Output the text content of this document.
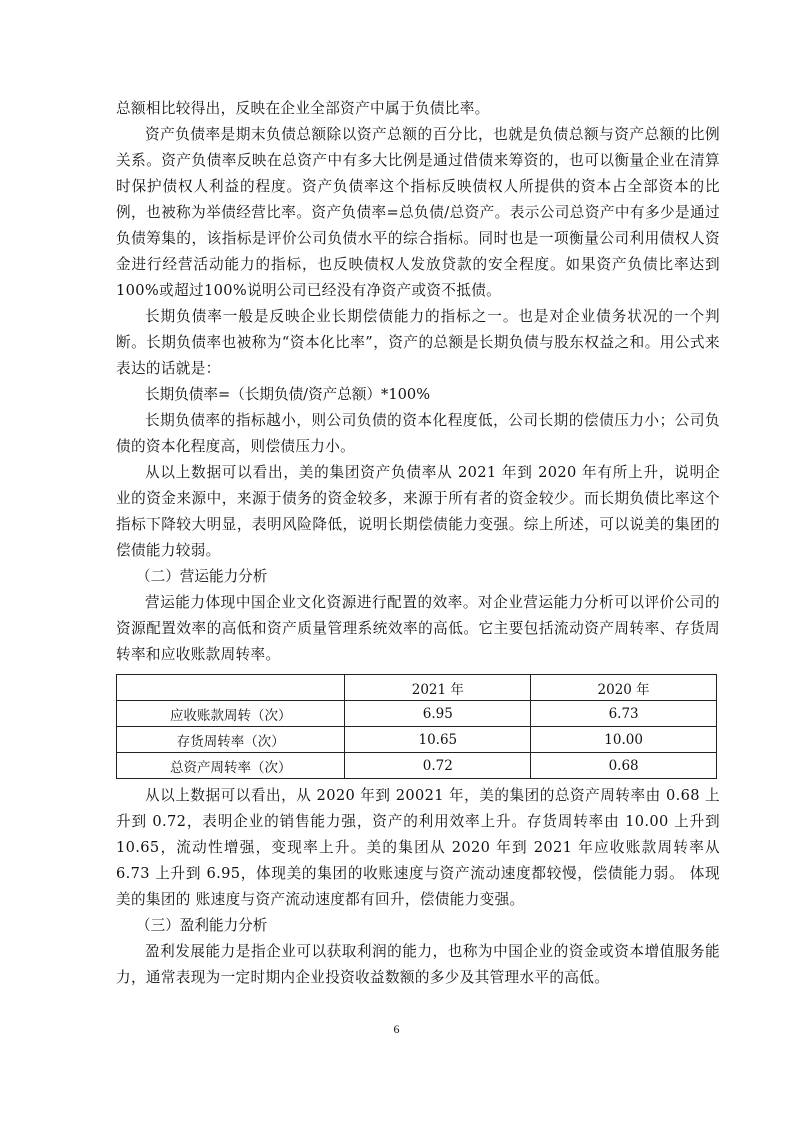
总额相比较得出，反映在企业全部资产中属于负债比率。

资产负债率是期末负债总额除以资产总额的百分比，也就是负债总额与资产总额的比例关系。资产负债率反映在总资产中有多大比例是通过借债来筹资的，也可以衡量企业在清算时保护债权人利益的程度。资产负债率这个指标反映债权人所提供的资本占全部资本的比例，也被称为举债经营比率。资产负债率=总负债/总资产。表示公司总资产中有多少是通过负债筹集的，该指标是评价公司负债水平的综合指标。同时也是一项衡量公司利用债权人资金进行经营活动能力的指标，也反映债权人发放贷款的安全程度。如果资产负债比率达到100%或超过100%说明公司已经没有净资产或资不抵债。

长期负债率一般是反映企业长期偿债能力的指标之一。也是对企业债务状况的一个判断。长期负债率也被称为“资本化比率”，资产的总额是长期负债与股东权益之和。用公式来表达的话就是：

长期负债率=（长期负债/资产总额）*100%

长期负债率的指标越小，则公司负债的资本化程度低，公司长期的偿债压力小；公司负债的资本化程度高，则偿债压力小。

从以上数据可以看出，美的集团资产负债率从 2021 年到 2020 年有所上升，说明企业的资金来源中，来源于债务的资金较多，来源于所有者的资金较少。而长期负债比率这个指标下降较大明显，表明风险降低，说明长期偿债能力变强。综上所述，可以说美的集团的偿债能力较弱。

（二）营运能力分析

营运能力体现中国企业文化资源进行配置的效率。对企业营运能力分析可以评价公司的资源配置效率的高低和资产质量管理系统效率的高低。它主要包括流动资产周转率、存货周转率和应收账款周转率。

	2021 年	2020 年
应收账款周转（次）	6.95	6.73
存货周转率（次）	10.65	10.00
总资产周转率（次）	0.72	0.68

从以上数据可以看出，从 2020 年到 20021 年，美的集团的总资产周转率由 0.68 上升到 0.72，表明企业的销售能力强，资产的利用效率上升。存货周转率由 10.00 上升到 10.65，流动性增强，变现率上升。美的集团从 2020 年到 2021 年应收账款周转率从 6.73 上升到 6.95，体现美的集团的收账速度与资产流动速度都较慢，偿债能力弱。 体现美的集团的 账速度与资产流动速度都有回升，偿债能力变强。

（三）盈利能力分析

盈利发展能力是指企业可以获取利润的能力，也称为中国企业的资金或资本增值服务能力，通常表现为一定时期内企业投资收益数额的多少及其管理水平的高低。

6
